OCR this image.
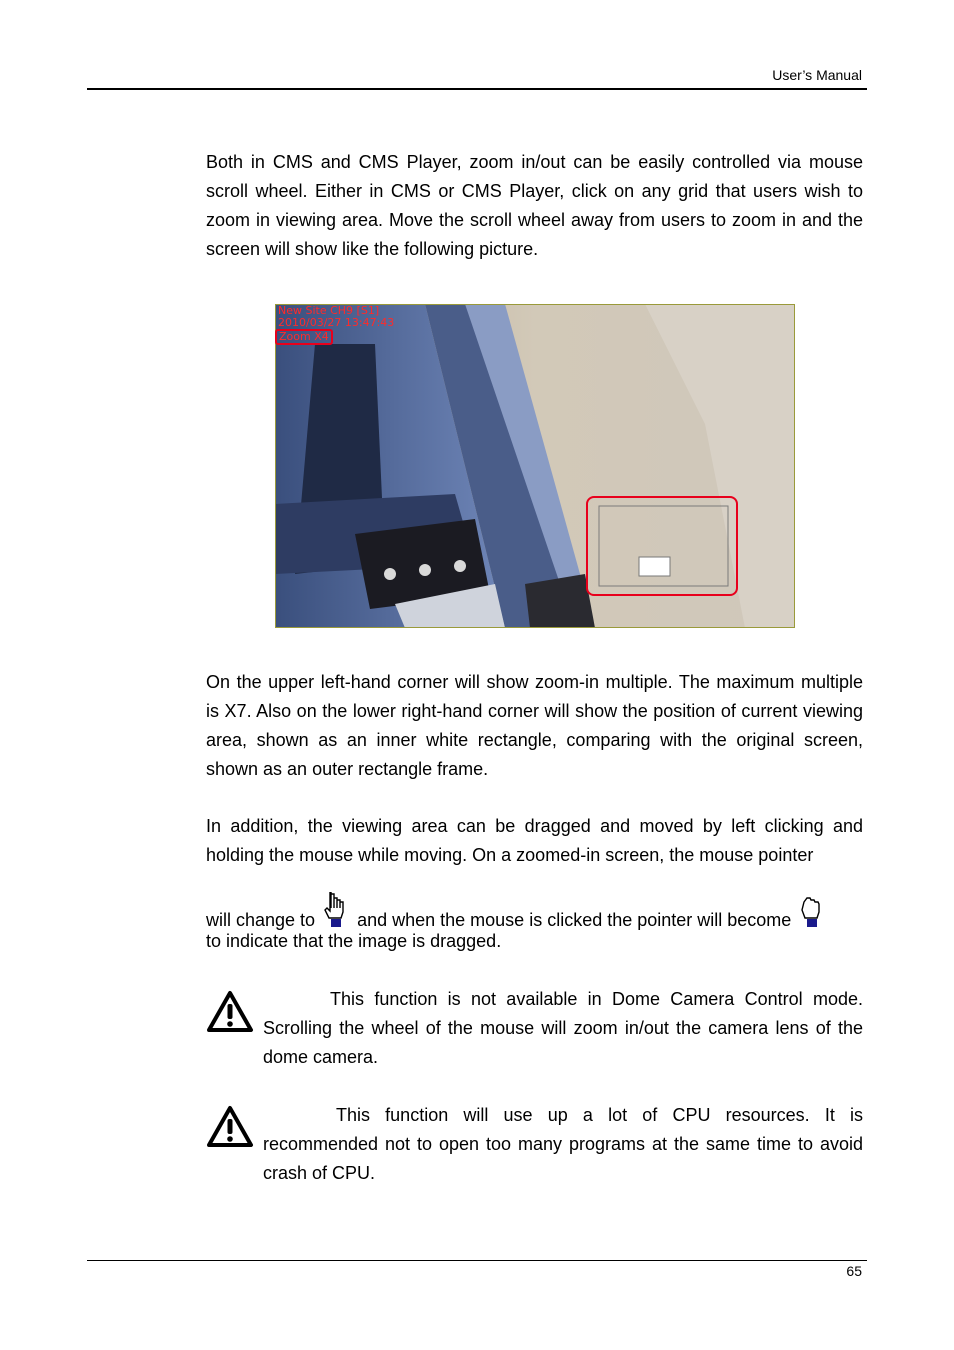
User’s Manual

Both in CMS and CMS Player, zoom in/out can be easily controlled via mouse scroll wheel. Either in CMS or CMS Player, click on any grid that users wish to zoom in viewing area. Move the scroll wheel away from users to zoom in and the screen will show like the following picture.

New Site CH9 [S1]
2010/03/27 13:47:43
Zoom X4

On the upper left-hand corner will show zoom-in multiple. The maximum multiple is X7. Also on the lower right-hand corner will show the position of current viewing area, shown as an inner white rectangle, comparing with the original screen, shown as an outer rectangle frame.

In addition, the viewing area can be dragged and moved by left clicking and holding the mouse while moving. On a zoomed-in screen, the mouse pointer

will change to and when the mouse is clicked the pointer will become

to indicate that the image is dragged.

This function is not available in Dome Camera Control mode. Scrolling the wheel of the mouse will zoom in/out the camera lens of the dome camera.

This function will use up a lot of CPU resources. It is recommended not to open too many programs at the same time to avoid crash of CPU.

65
